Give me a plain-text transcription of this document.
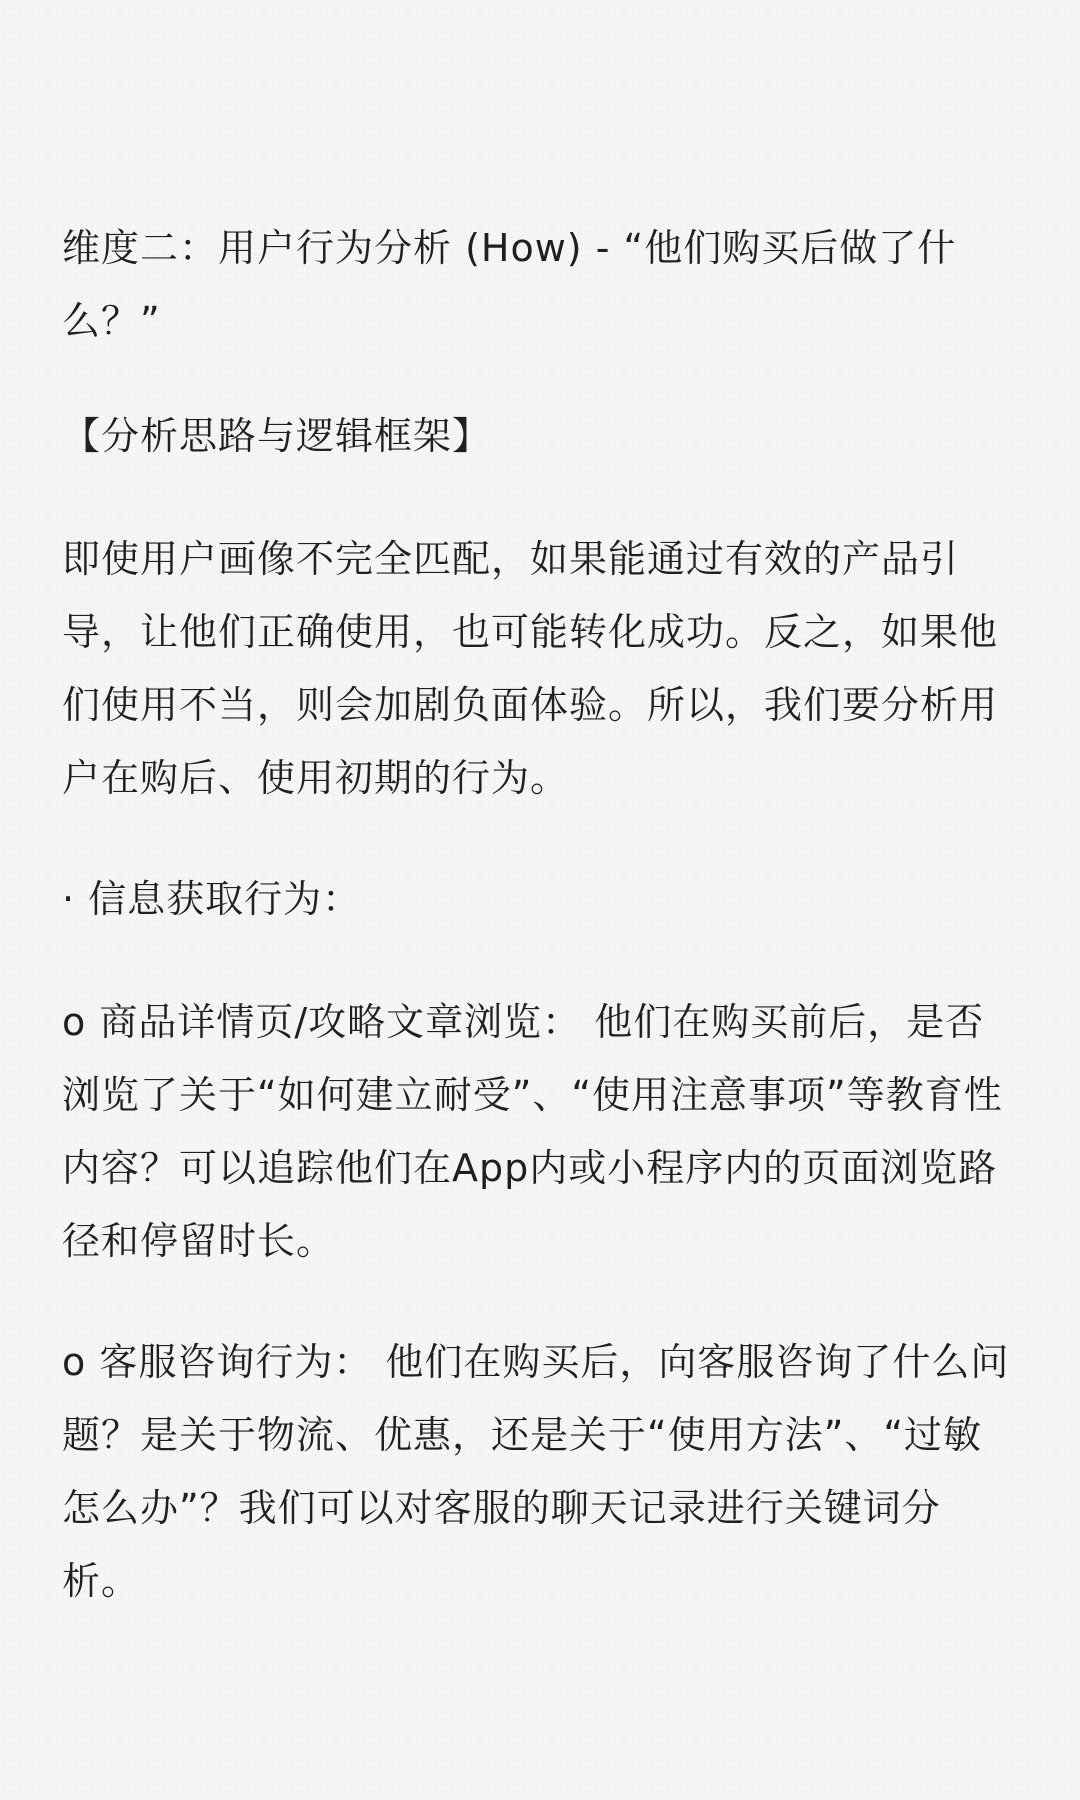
维度二：用户行为分析 (How) - “他们购买后做了什么？”
【分析思路与逻辑框架】
即使用户画像不完全匹配，如果能通过有效的产品引导，让他们正确使用，也可能转化成功。反之，如果他们使用不当，则会加剧负面体验。所以，我们要分析用户在购后、使用初期的行为。
· 信息获取行为：
o 商品详情页/攻略文章浏览： 他们在购买前后，是否浏览了关于“如何建立耐受”、“使用注意事项”等教育性内容？可以追踪他们在App内或小程序内的页面浏览路径和停留时长。
o 客服咨询行为： 他们在购买后，向客服咨询了什么问题？是关于物流、优惠，还是关于“使用方法”、“过敏怎么办”？我们可以对客服的聊天记录进行关键词分析。
